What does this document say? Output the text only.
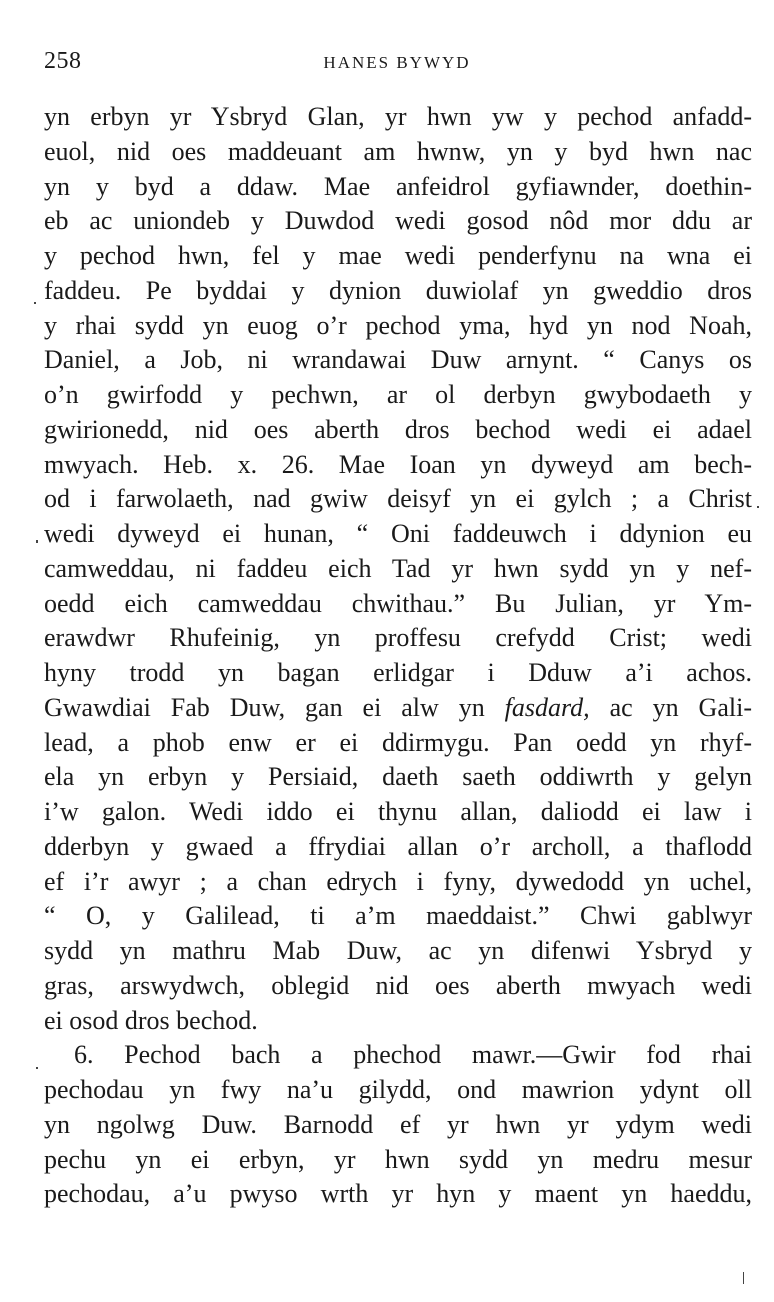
258	HANES BYWYD
yn erbyn yr Ysbryd Glan, yr hwn yw y pechod anfadd-
euol, nid oes maddeuant am hwnw, yn y byd hwn nac
yn y byd a ddaw. Mae anfeidrol gyfiawnder, doethin-
eb ac uniondeb y Duwdod wedi gosod nôd mor ddu ar
y pechod hwn, fel y mae wedi penderfynu na wna ei
faddeu. Pe byddai y dynion duwiolaf yn gweddio dros
y rhai sydd yn euog o’r pechod yma, hyd yn nod Noah,
Daniel, a Job, ni wrandawai Duw arnynt. “ Canys os
o’n gwirfodd y pechwn, ar ol derbyn gwybodaeth y
gwirionedd, nid oes aberth dros bechod wedi ei adael
mwyach. Heb. x. 26. Mae Ioan yn dyweyd am bech-
od i farwolaeth, nad gwiw deisyf yn ei gylch ; a Christ
wedi dyweyd ei hunan, “ Oni faddeuwch i ddynion eu
camweddau, ni faddeu eich Tad yr hwn sydd yn y nef-
oedd eich camweddau chwithau.” Bu Julian, yr Ym-
erawdwr Rhufeinig, yn proffesu crefydd Crist; wedi
hyny trodd yn bagan erlidgar i Dduw a’i achos.
Gwawdiai Fab Duw, gan ei alw yn fasdard, ac yn Gali-
lead, a phob enw er ei ddirmygu. Pan oedd yn rhyf-
ela yn erbyn y Persiaid, daeth saeth oddiwrth y gelyn
i’w galon. Wedi iddo ei thynu allan, daliodd ei law i
dderbyn y gwaed a ffrydiai allan o’r archoll, a thaflodd
ef i’r awyr ; a chan edrych i fyny, dywedodd yn uchel,
“ O, y Galilead, ti a’m maeddaist.” Chwi gablwyr
sydd yn mathru Mab Duw, ac yn difenwi Ysbryd y
gras, arswydwch, oblegid nid oes aberth mwyach wedi
ei osod dros bechod.
6. Pechod bach a phechod mawr.—Gwir fod rhai
pechodau yn fwy na’u gilydd, ond mawrion ydynt oll
yn ngolwg Duw. Barnodd ef yr hwn yr ydym wedi
pechu yn ei erbyn, yr hwn sydd yn medru mesur
pechodau, a’u pwyso wrth yr hyn y maent yn haeddu,
